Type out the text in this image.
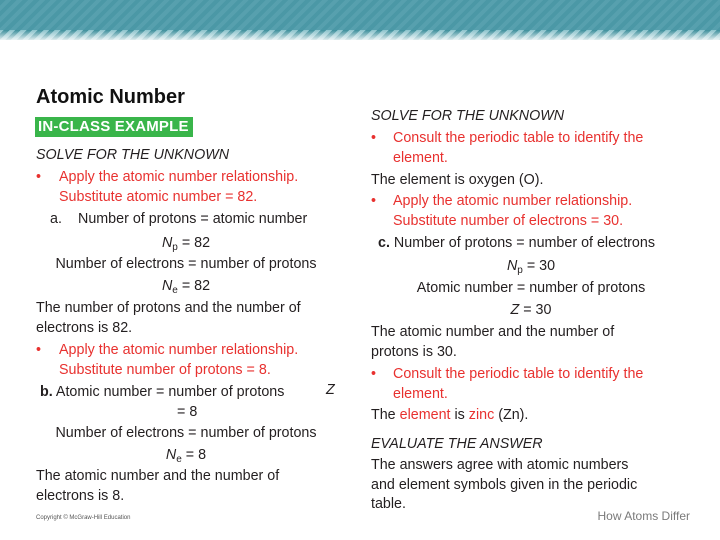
Atomic Number
IN-CLASS EXAMPLE
SOLVE FOR THE UNKNOWN
• Apply the atomic number relationship.
Substitute atomic number = 82.
a. Number of protons = atomic number
$N_p = 82$
Number of electrons = number of protons
$N_e = 82$
The number of protons and the number of
electrons is 82.
• Apply the atomic number relationship.
Substitute number of protons = 8.
b. Atomic number = number of protons	Z
= 8
Number of electrons = number of protons
$N_e = 8$
The atomic number and the number of
electrons is 8.
SOLVE FOR THE UNKNOWN
• Consult the periodic table to identify the
element.
The element is oxygen (O).
• Apply the atomic number relationship.
Substitute number of electrons = 30.
c. Number of protons = number of electrons
$N_p = 30$
Atomic number = number of protons
Z = 30
The atomic number and the number of
protons is 30.
• Consult the periodic table to identify the
element.
The element is zinc (Zn).
EVALUATE THE ANSWER
The answers agree with atomic numbers
and element symbols given in the periodic
table.
Copyright © McGraw-Hill Education	How Atoms Differ
